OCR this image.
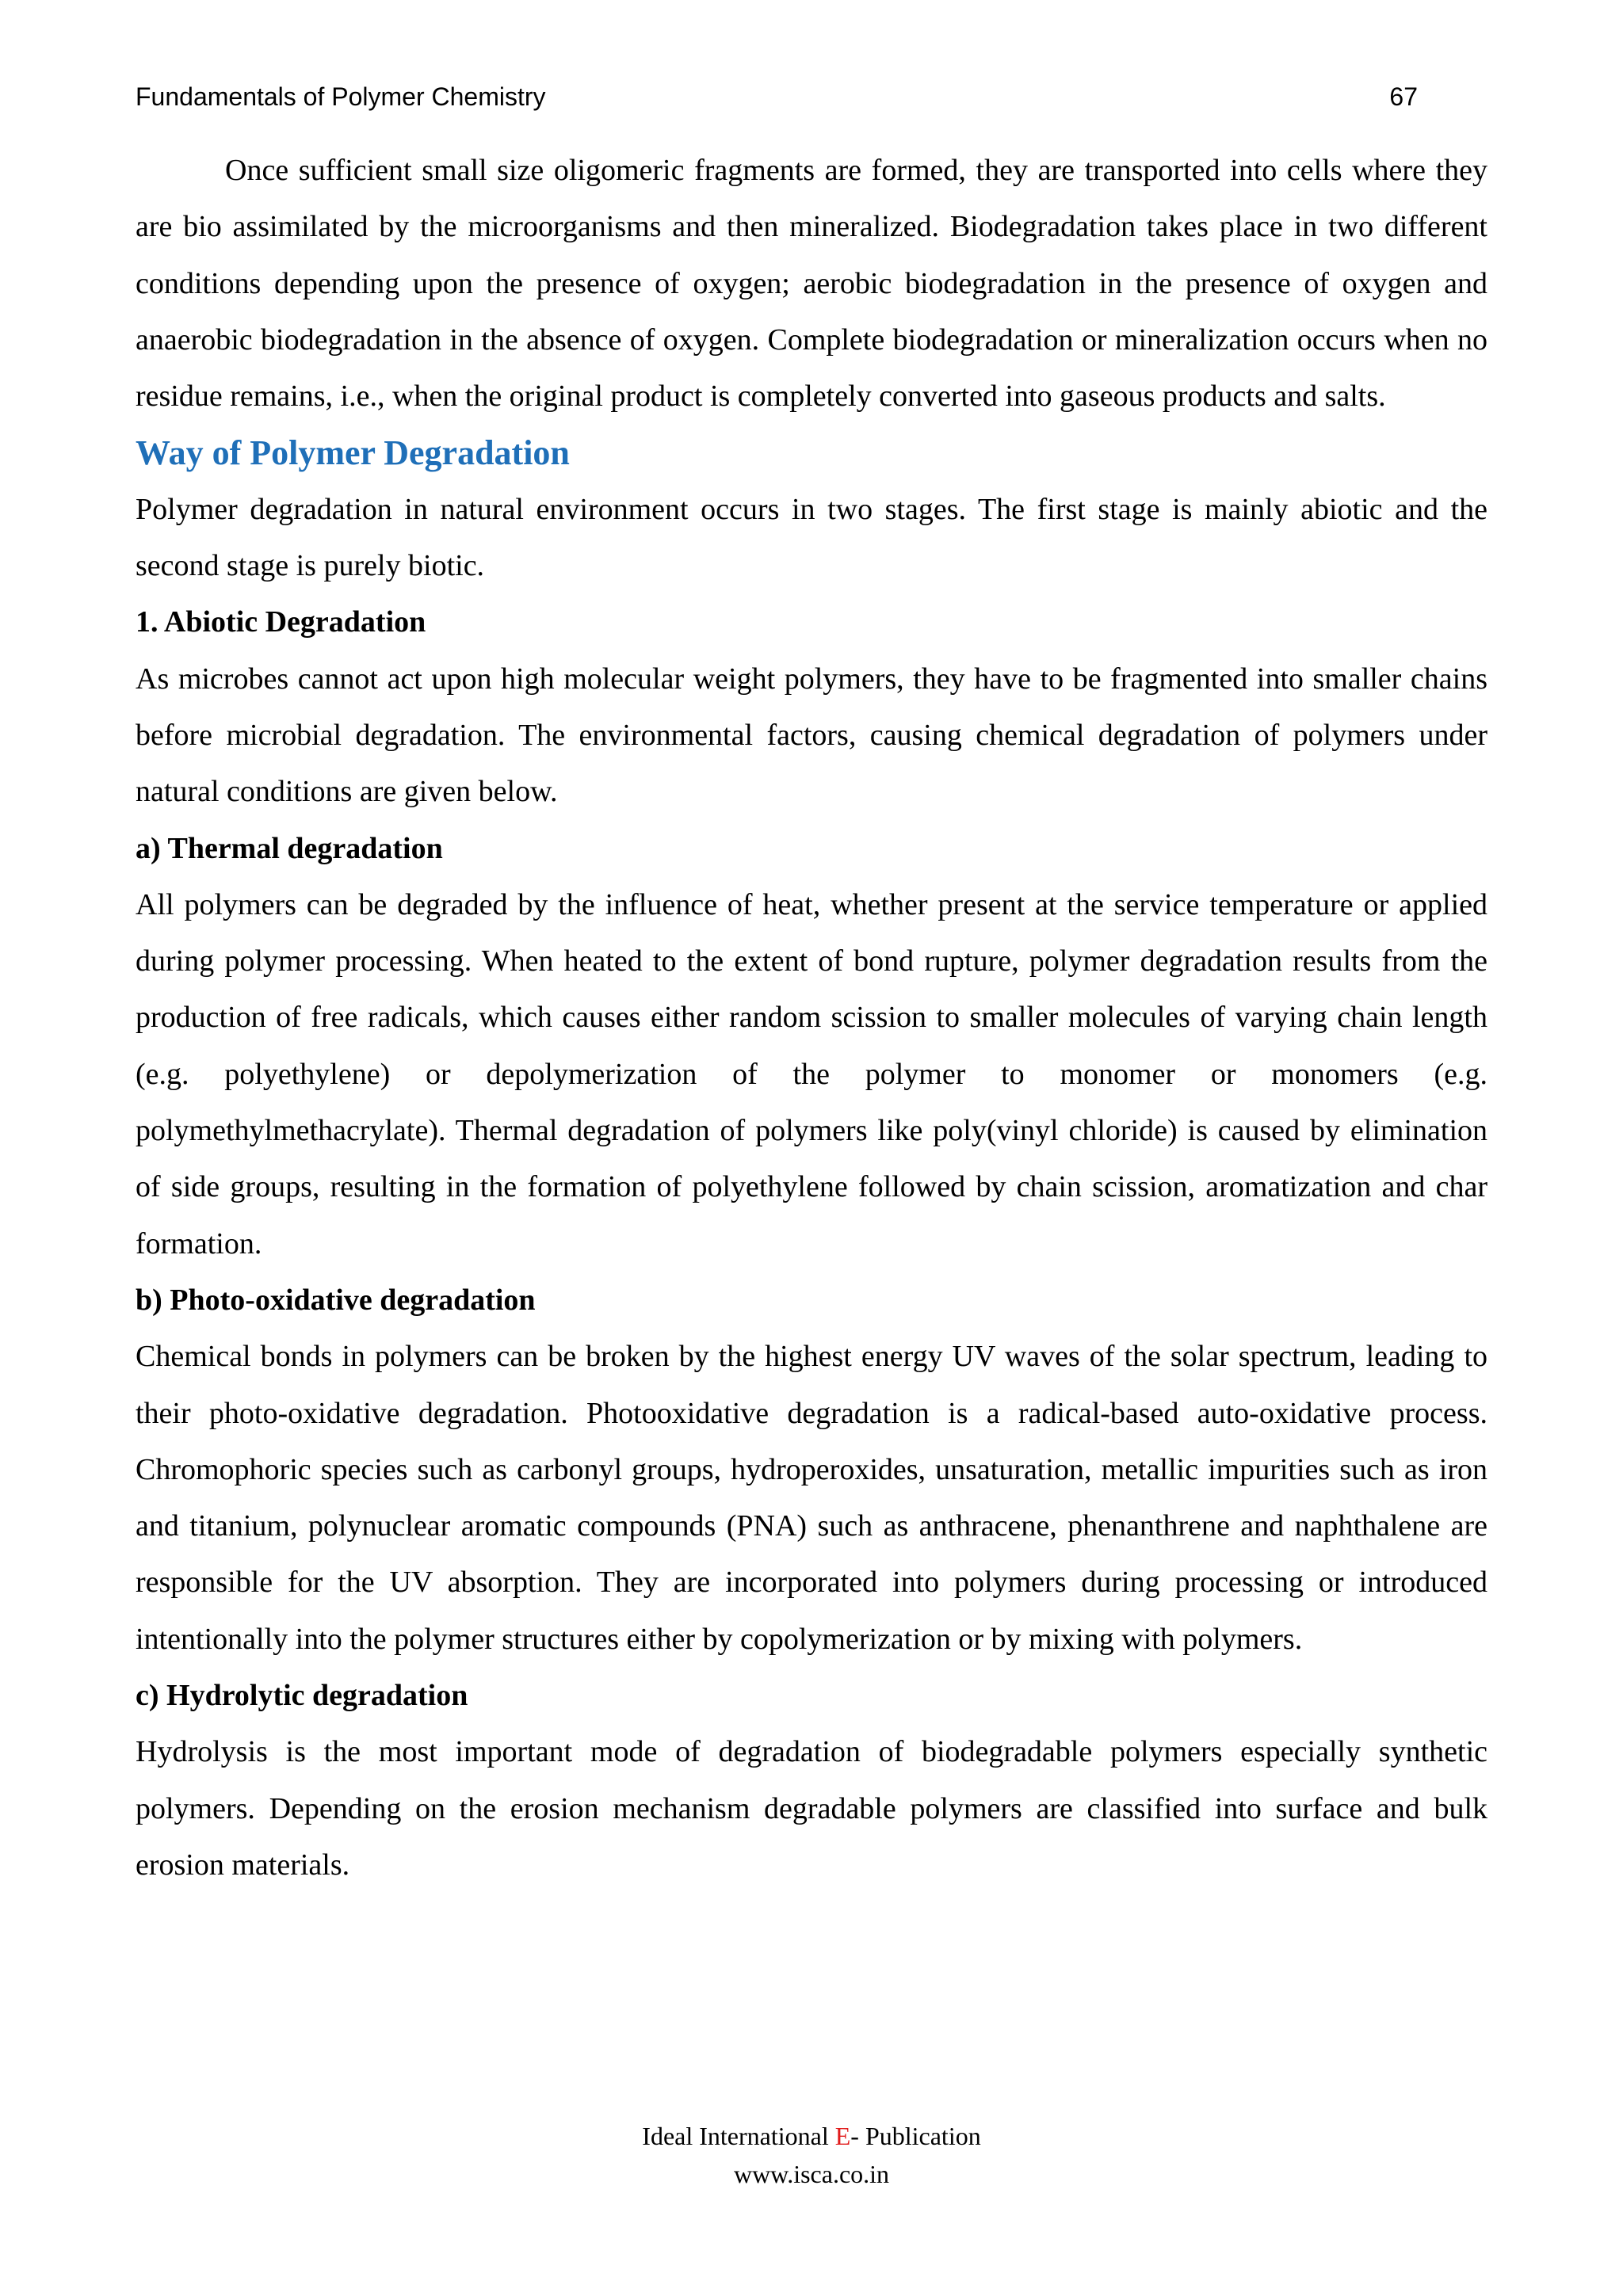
Fundamentals of Polymer Chemistry	67

Once sufficient small size oligomeric fragments are formed, they are transported into cells where they are bio assimilated by the microorganisms and then mineralized. Biodegradation takes place in two different conditions depending upon the presence of oxygen; aerobic biodegradation in the presence of oxygen and anaerobic biodegradation in the absence of oxygen. Complete biodegradation or mineralization occurs when no residue remains, i.e., when the original product is completely converted into gaseous products and salts.

Way of Polymer Degradation

Polymer degradation in natural environment occurs in two stages. The first stage is mainly abiotic and the second stage is purely biotic.

1. Abiotic Degradation

As microbes cannot act upon high molecular weight polymers, they have to be fragmented into smaller chains before microbial degradation. The environmental factors, causing chemical degradation of polymers under natural conditions are given below.

a) Thermal degradation

All polymers can be degraded by the influence of heat, whether present at the service temperature or applied during polymer processing. When heated to the extent of bond rupture, polymer degradation results from the production of free radicals, which causes either random scission to smaller molecules of varying chain length (e.g. polyethylene) or depolymerization of the polymer to monomer or monomers (e.g. polymethylmethacrylate). Thermal degradation of polymers like poly(vinyl chloride) is caused by elimination of side groups, resulting in the formation of polyethylene followed by chain scission, aromatization and char formation.

b) Photo-oxidative degradation

Chemical bonds in polymers can be broken by the highest energy UV waves of the solar spectrum, leading to their photo-oxidative degradation. Photooxidative degradation is a radical-based auto-oxidative process. Chromophoric species such as carbonyl groups, hydroperoxides, unsaturation, metallic impurities such as iron and titanium, polynuclear aromatic compounds (PNA) such as anthracene, phenanthrene and naphthalene are responsible for the UV absorption. They are incorporated into polymers during processing or introduced intentionally into the polymer structures either by copolymerization or by mixing with polymers.

c) Hydrolytic degradation

Hydrolysis is the most important mode of degradation of biodegradable polymers especially synthetic polymers. Depending on the erosion mechanism degradable polymers are classified into surface and bulk erosion materials.

Ideal International E- Publication
www.isca.co.in
